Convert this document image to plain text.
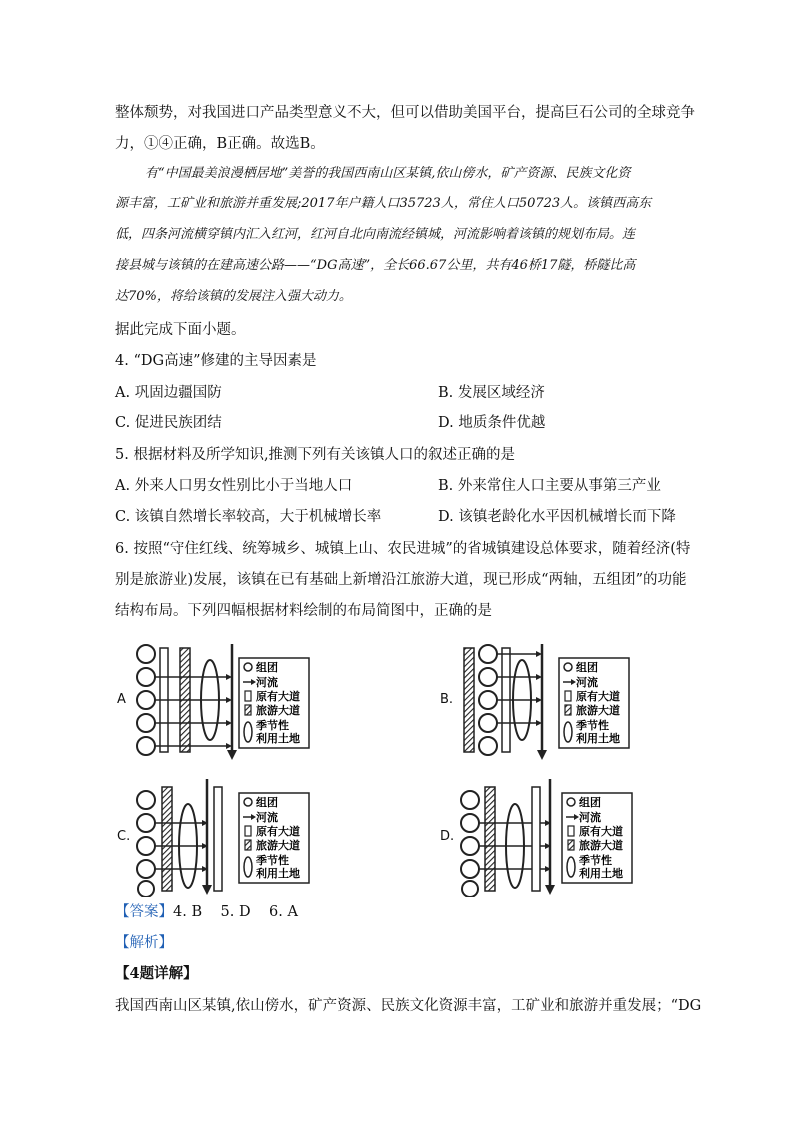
整体颓势，对我国进口产品类型意义不大，但可以借助美国平台，提高巨石公司的全球竞争
力，①④正确，B正确。故选B。
有“中国最美浪漫栖居地”美誉的我国西南山区某镇,依山傍水，矿产资源、民族文化资
源丰富，工矿业和旅游并重发展;2017年户籍人口35723人，常住人口50723人。该镇西高东
低，四条河流横穿镇内汇入红河，红河自北向南流经镇城，河流影响着该镇的规划布局。连
接县城与该镇的在建高速公路——“DG高速”，全长66.67公里，共有46桥17隧，桥隧比高
达70%，将给该镇的发展注入强大动力。
据此完成下面小题。
4. “DG高速”修建的主导因素是
A. 巩固边疆国防	B. 发展区域经济
C. 促进民族团结	D. 地质条件优越
5. 根据材料及所学知识,推测下列有关该镇人口的叙述正确的是
A. 外来人口男女性别比小于当地人口	B. 外来常住人口主要从事第三产业
C. 该镇自然增长率较高，大于机械增长率	D. 该镇老龄化水平因机械增长而下降
6. 按照“守住红线、统筹城乡、城镇上山、农民进城”的省城镇建设总体要求，随着经济(特
别是旅游业)发展，该镇在已有基础上新增沿江旅游大道，现已形成“两轴，五组团”的功能
结构布局。下列四幅根据材料绘制的布局简图中，正确的是
A	B.
C.	D.
组团
河流
原有大道
旅游大道
季节性
利用土地
组团
河流
原有大道
旅游大道
季节性
利用土地
组团
河流
原有大道
旅游大道
季节性
利用土地
组团
河流
原有大道
旅游大道
季节性
利用土地
【答案】4. B    5. D    6. A
【解析】
【4题详解】
我国西南山区某镇,依山傍水，矿产资源、民族文化资源丰富，工矿业和旅游并重发展；“DG
